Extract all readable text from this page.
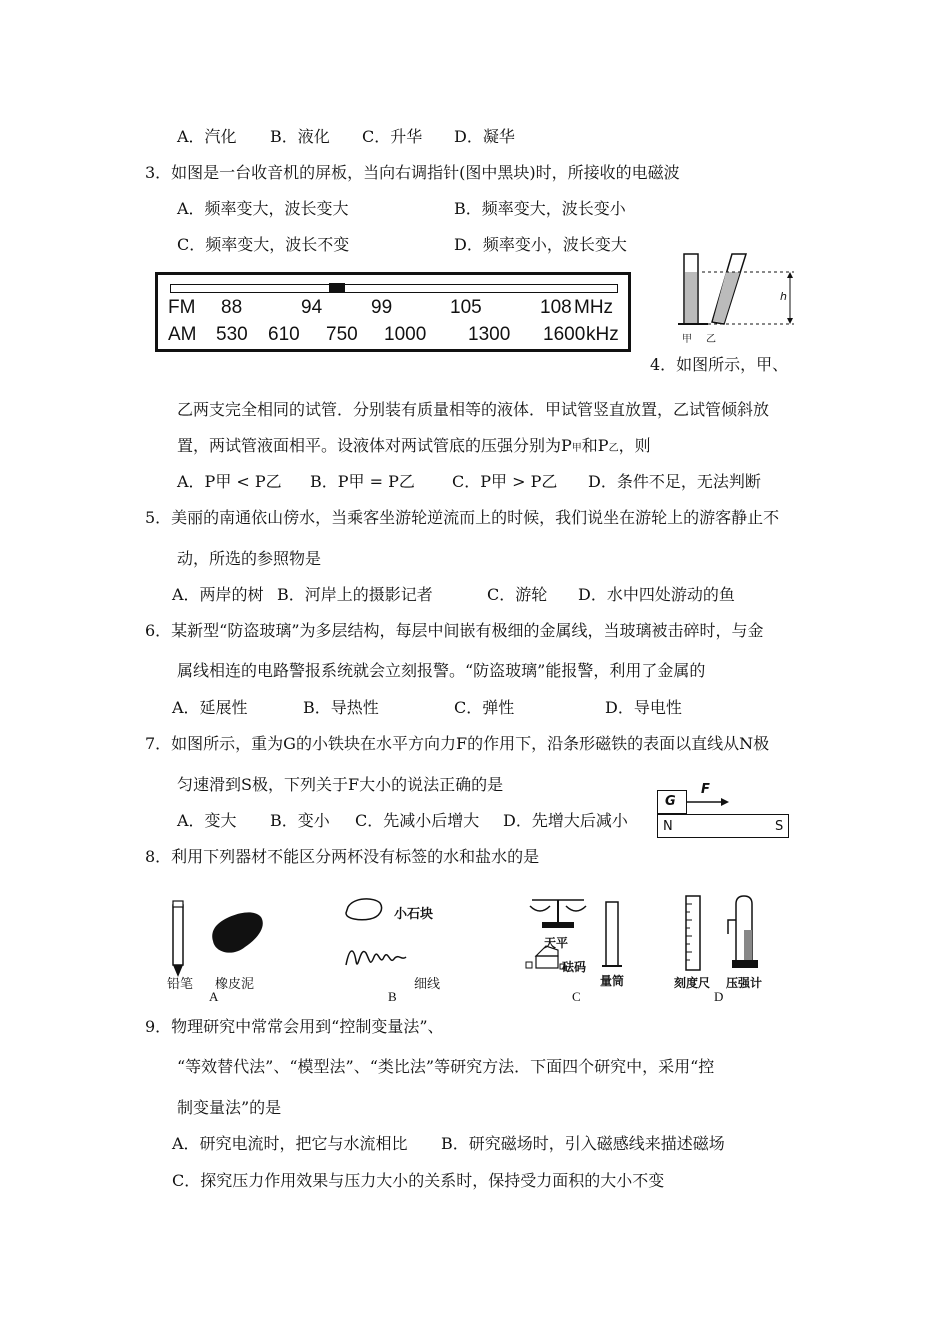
A．汽化 B．液化 C．升华 D．凝华
3．如图是一台收音机的屏板，当向右调指针(图中黑块)时，所接收的电磁波
A．频率变大，波长变大	B．频率变大，波长变小
C．频率变大，波长不变	D．频率变小，波长变大
FM 88	94	99	105	108 MHz
AM 530 610 750 1000 1300 1600 kHz
h
甲 乙
4．如图所示，甲、
乙两支完全相同的试管．分别装有质量相等的液体．甲试管竖直放置，乙试管倾斜放
置，两试管液面相平。设液体对两试管底的压强分别为P甲和P乙，则
A．P甲 < P乙 B．P甲 = P乙 C．P甲 > P乙 D．条件不足，无法判断
5．美丽的南通依山傍水，当乘客坐游轮逆流而上的时候，我们说坐在游轮上的游客静止不
动，所选的参照物是
A．两岸的树 B．河岸上的摄影记者	C．游轮 D．水中四处游动的鱼
6．某新型“防盗玻璃”为多层结构，每层中间嵌有极细的金属线，当玻璃被击碎时，与金
属线相连的电路警报系统就会立刻报警。“防盗玻璃”能报警，利用了金属的
A．延展性	B．导热性	C．弹性	D．导电性
7．如图所示，重为G的小铁块在水平方向力F的作用下，沿条形磁铁的表面以直线从N极
匀速滑到S极，下列关于F大小的说法正确的是
A．变大 B．变小 C．先减小后增大 D．先增大后减小
G
F
N	S
8．利用下列器材不能区分两杯没有标签的水和盐水的是
铅笔 橡皮泥
A
小石块
细线
B
天平
砝码
量筒
C
刻度尺 压强计
D
9．物理研究中常常会用到“控制变量法”、
“等效替代法”、“模型法”、“类比法”等研究方法．下面四个研究中，采用“控
制变量法”的是
A．研究电流时，把它与水流相比 B．研究磁场时，引入磁感线来描述磁场
C．探究压力作用效果与压力大小的关系时，保持受力面积的大小不变
